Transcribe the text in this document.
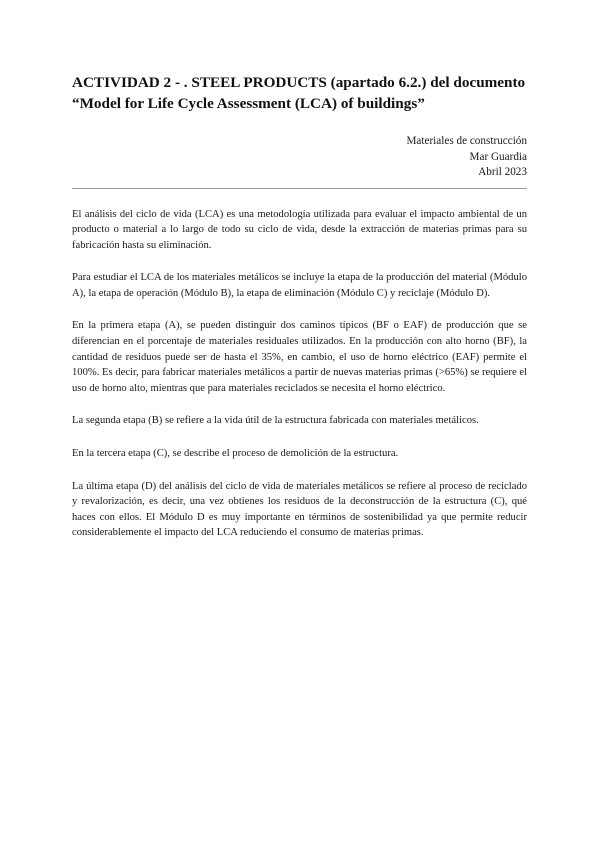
ACTIVIDAD 2 - . STEEL PRODUCTS (apartado 6.2.) del documento
“Model for Life Cycle Assessment (LCA) of buildings”
Materiales de construcción
Mar Guardia
Abril 2023

El análisis del ciclo de vida (LCA) es una metodología utilizada para evaluar el impacto ambiental de un producto o material a lo largo de todo su ciclo de vida, desde la extracción de materias primas para su fabricación hasta su eliminación.

Para estudiar el LCA de los materiales metálicos se incluye la etapa de la producción del material (Módulo A), la etapa de operación (Módulo B), la etapa de eliminación (Módulo C) y reciclaje (Módulo D).

En la primera etapa (A), se pueden distinguir dos caminos típicos (BF o EAF) de producción que se diferencian en el porcentaje de materiales residuales utilizados. En la producción con alto horno (BF), la cantidad de residuos puede ser de hasta el 35%, en cambio, el uso de horno eléctrico (EAF) permite el 100%. Es decir, para fabricar materiales metálicos a partir de nuevas materias primas (>65%) se requiere el uso de horno alto, mientras que para materiales reciclados se necesita el horno eléctrico.

La segunda etapa (B) se refiere a la vida útil de la estructura fabricada con materiales metálicos.

En la tercera etapa (C), se describe el proceso de demolición de la estructura.

La última etapa (D) del análisis del ciclo de vida de materiales metálicos se refiere al proceso de reciclado y revalorización, es decir, una vez obtienes los residuos de la deconstrucción de la estructura (C), qué haces con ellos. El Módulo D es muy importante en términos de sostenibilidad ya que permite reducir considerablemente el impacto del LCA reduciendo el consumo de materias primas.
